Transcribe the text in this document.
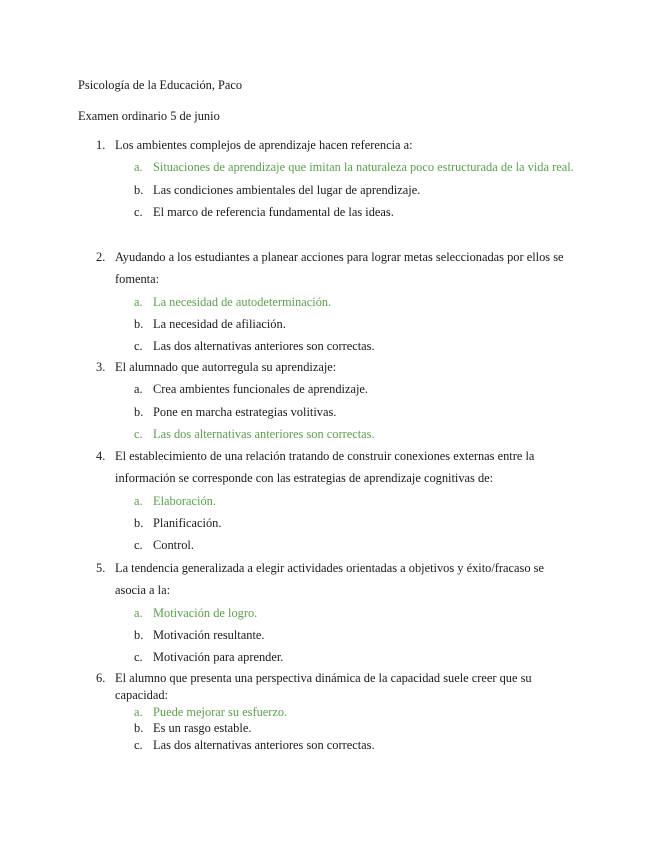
Psicología de la Educación, Paco

Examen ordinario 5 de junio

1. Los ambientes complejos de aprendizaje hacen referencia a:
a. Situaciones de aprendizaje que imitan la naturaleza poco estructurada de la vida real.
b. Las condiciones ambientales del lugar de aprendizaje.
c. El marco de referencia fundamental de las ideas.
2. Ayudando a los estudiantes a planear acciones para lograr metas seleccionadas por ellos se fomenta:
a. La necesidad de autodeterminación.
b. La necesidad de afiliación.
c. Las dos alternativas anteriores son correctas.
3. El alumnado que autorregula su aprendizaje:
a. Crea ambientes funcionales de aprendizaje.
b. Pone en marcha estrategias volitivas.
c. Las dos alternativas anteriores son correctas.
4. El establecimiento de una relación tratando de construir conexiones externas entre la información se corresponde con las estrategias de aprendizaje cognitivas de:
a. Elaboración.
b. Planificación.
c. Control.
5. La tendencia generalizada a elegir actividades orientadas a objetivos y éxito/fracaso se asocia a la:
a. Motivación de logro.
b. Motivación resultante.
c. Motivación para aprender.
6. El alumno que presenta una perspectiva dinámica de la capacidad suele creer que su capacidad:
a. Puede mejorar su esfuerzo.
b. Es un rasgo estable.
c. Las dos alternativas anteriores son correctas.
